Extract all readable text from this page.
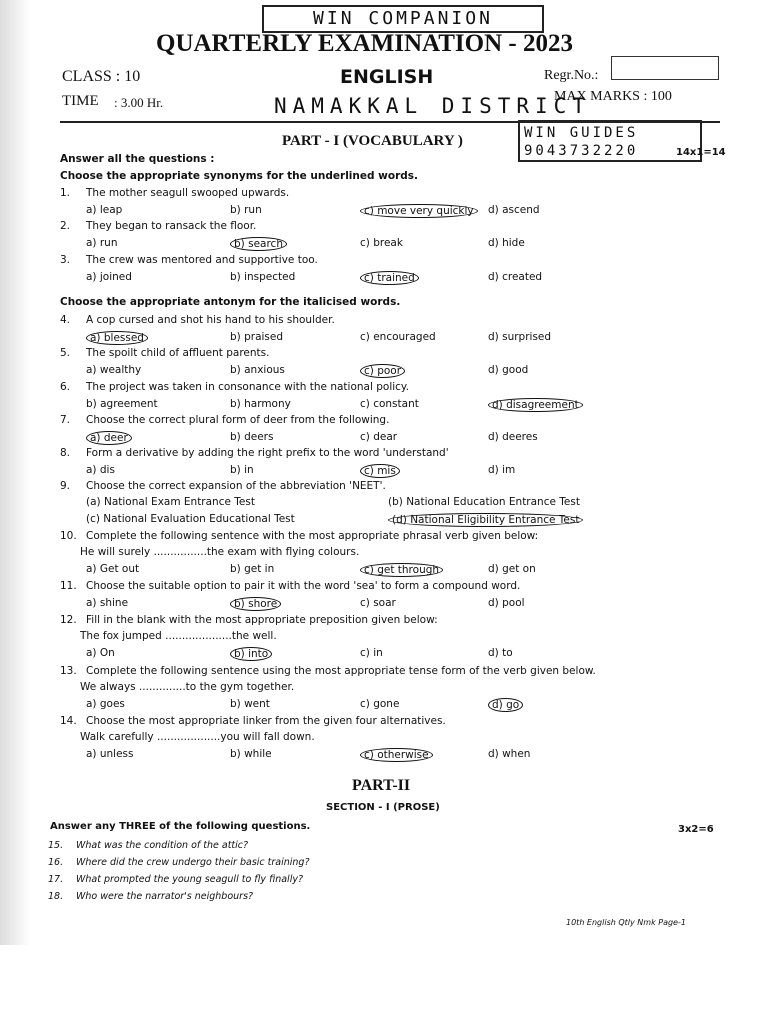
WIN COMPANION
QUARTERLY EXAMINATION - 2023
CLASS : 10	ENGLISH	Regr.No.:
TIME : 3.00 Hr.	NAMAKKAL DISTRICT
MAX MARKS : 100
PART - I (VOCABULARY )	WIN GUIDES
9043732220	14x1=14
Answer all the questions :
Choose the appropriate synonyms for the underlined words.
Choose the appropriate antonym for the italicised words.
1. The mother seagull swooped upwards.
a) leap	b) run	c) move very quickly	d) ascend
2. They began to ransack the floor.
a) run	b) search	c) break	d) hide
3. The crew was mentored and supportive too.
a) joined	b) inspected	c) trained	d) created
4. A cop cursed and shot his hand to his shoulder.
a) blessed	b) praised	c) encouraged	d) surprised
5. The spoilt child of affluent parents.
a) wealthy	b) anxious	c) poor	d) good
6. The project was taken in consonance with the national policy.
b) agreement	b) harmony	c) constant	d) disagreement
7. Choose the correct plural form of deer from the following.
a) deer	b) deers	c) dear	d) deeres
8. Form a derivative by adding the right prefix to the word 'understand'
a) dis	b) in	c) mis	d) im
9. Choose the correct expansion of the abbreviation 'NEET'.
(a) National Exam Entrance Test	(b) National Education Entrance Test
(c) National Evaluation Educational Test	(d) National Eligibility Entrance Test
10. Complete the following sentence with the most appropriate phrasal verb given below:
He will surely ................the exam with flying colours.
a) Get out	b) get in	c) get through	d) get on
11. Choose the suitable option to pair it with the word 'sea' to form a compound word.
a) shine	b) shore	c) soar	d) pool
12. Fill in the blank with the most appropriate preposition given below:
The fox jumped ....................the well.
a) On	b) into	c) in	d) to
13. Complete the following sentence using the most appropriate tense form of the verb given below.
We always ..............to the gym together.
a) goes	b) went	c) gone	d) go
14. Choose the most appropriate linker from the given four alternatives.
Walk carefully ...................you will fall down.
a) unless	b) while	c) otherwise	d) when
PART-II
SECTION - I (PROSE)
Answer any THREE of the following questions.	3x2=6
15. What was the condition of the attic?
16. Where did the crew undergo their basic training?
17. What prompted the young seagull to fly finally?
18. Who were the narrator's neighbours?
10th English Qtly Nmk Page-1
